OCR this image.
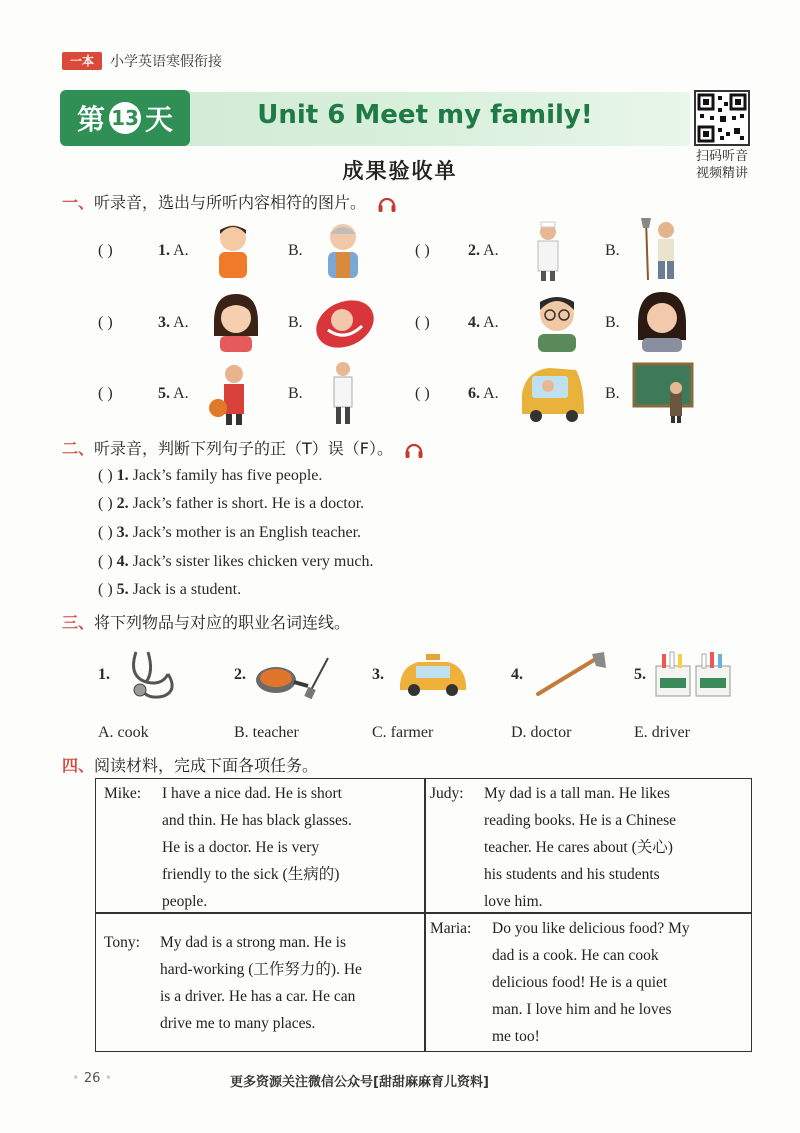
一本	小学英语寒假衔接
第 13 天	Unit 6 Meet my family!
扫码听音
视频精讲
成果验收单
一、听录音，选出与所听内容相符的图片。
( )	1. A.	B.	( ) 2. A.	B.
( )	3. A.	B.	( ) 4. A.	B.
( )	5. A.	B.	( ) 6. A.	B.
二、听录音，判断下列句子的正（T）误（F）。
( ) 1. Jack’s family has five people.
( ) 2. Jack’s father is short. He is a doctor.
( ) 3. Jack’s mother is an English teacher.
( ) 4. Jack’s sister likes chicken very much.
( ) 5. Jack is a student.
三、将下列物品与对应的职业名词连线。
1.	2.	3.	4.	5.
A. cook	B. teacher	C. farmer	D. doctor	E. driver
四、阅读材料，完成下面各项任务。
Mike:	I have a nice dad. He is short
and thin. He has black glasses.
He is a doctor. He is very
friendly to the sick (生病的)
people.
Judy:	My dad is a tall man. He likes
reading books. He is a Chinese
teacher. He cares about (关心)
his students and his students
love him.
Tony:	My dad is a strong man. He is
hard-working (工作努力的). He
is a driver. He has a car. He can
drive me to many places.
Maria:	Do you like delicious food? My
dad is a cook. He can cook
delicious food! He is a quiet
man. I love him and he loves
me too!
• 26 •	更多资源关注微信公众号[甜甜麻麻育儿资料]
